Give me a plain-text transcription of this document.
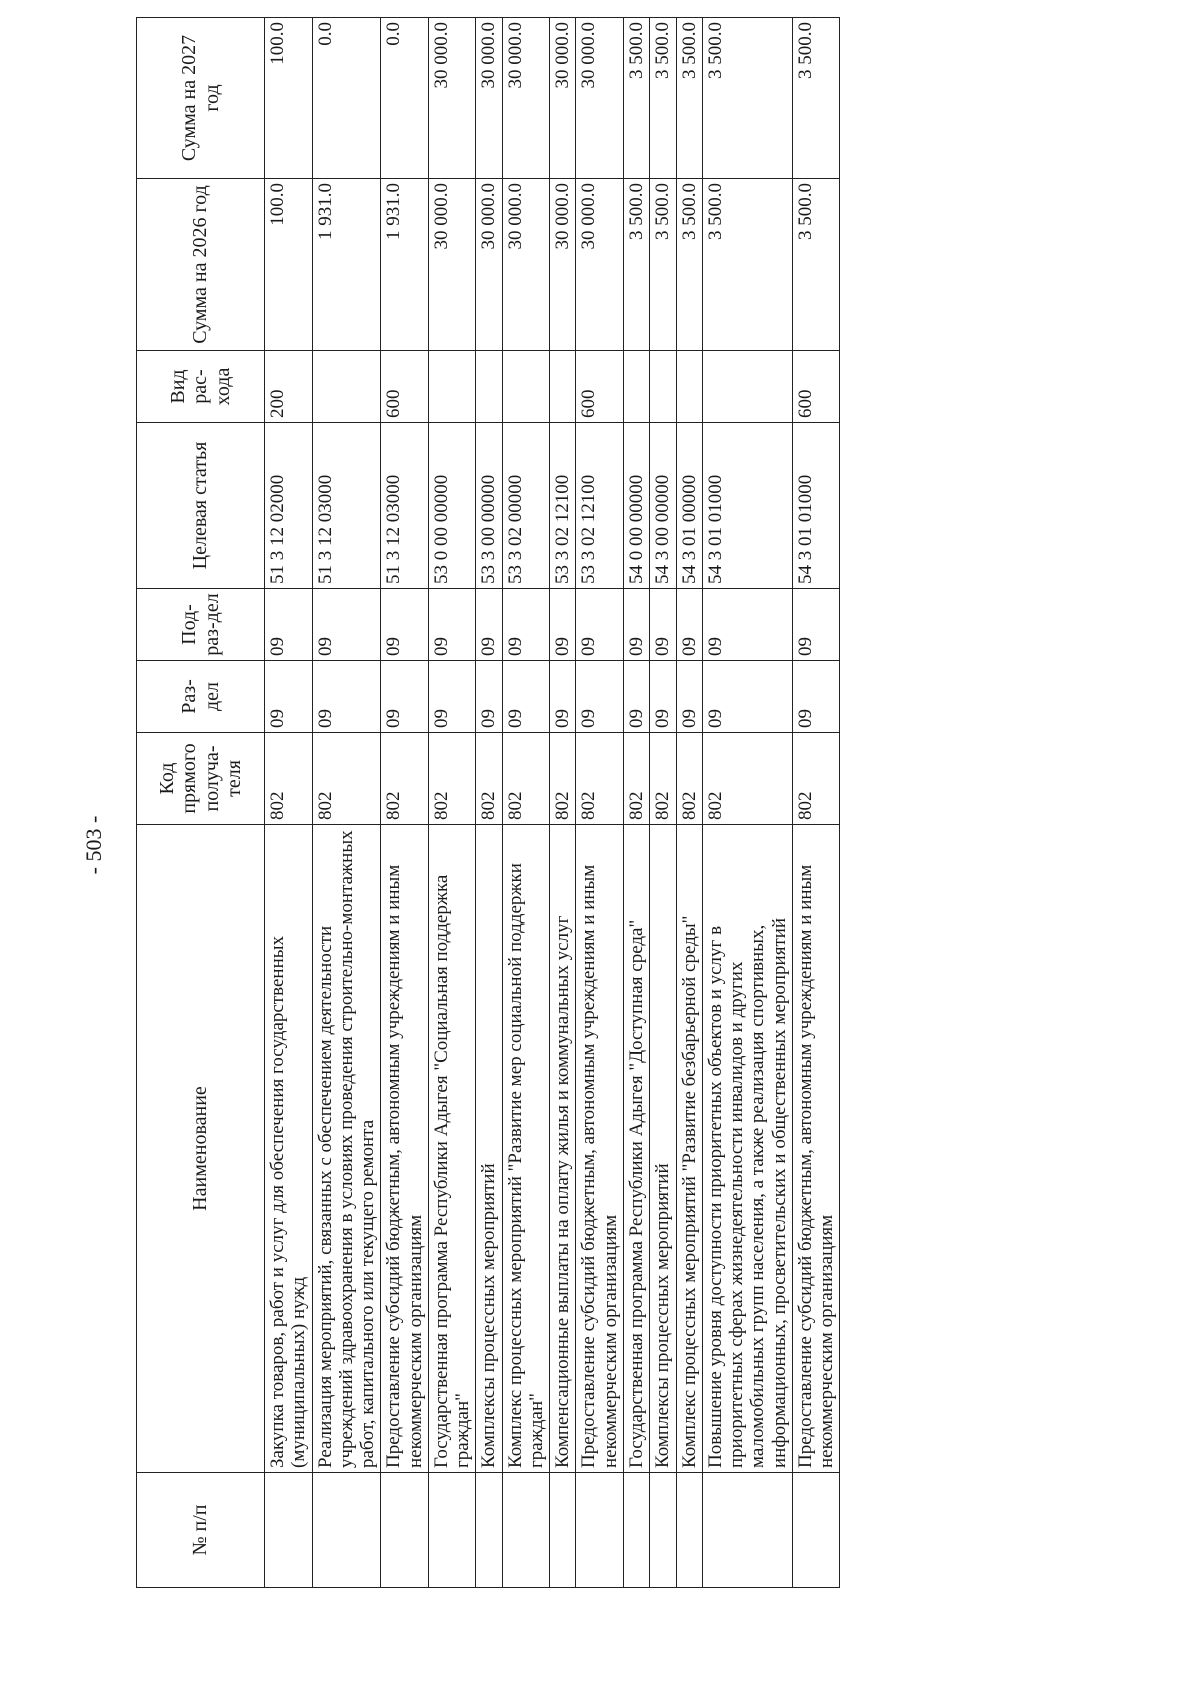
- 503 -
№ п/п	Наименование	Код прямого получа-теля	Раз-дел	Под-раз-дел	Целевая статья	Вид рас-хода	Сумма на 2026 год	Сумма на 2027 год
	Закупка товаров, работ и услуг для обеспечения государственных (муниципальных) нужд	802	09	09	51 3 12 02000	200	100.0	100.0
	Реализация мероприятий, связанных с обеспечением деятельности учреждений здравоохранения в условиях проведения строительно-монтажных работ, капитального или текущего ремонта	802	09	09	51 3 12 03000		1 931.0	0.0
	Предоставление субсидий бюджетным, автономным учреждениям и иным некоммерческим организациям	802	09	09	51 3 12 03000	600	1 931.0	0.0
	Государственная программа Республики Адыгея "Социальная поддержка граждан"	802	09	09	53 0 00 00000		30 000.0	30 000.0
	Комплексы процессных мероприятий	802	09	09	53 3 00 00000		30 000.0	30 000.0
	Комплекс процессных мероприятий "Развитие мер социальной поддержки граждан"	802	09	09	53 3 02 00000		30 000.0	30 000.0
	Компенсационные выплаты на оплату жилья и коммунальных услуг	802	09	09	53 3 02 12100		30 000.0	30 000.0
	Предоставление субсидий бюджетным, автономным учреждениям и иным некоммерческим организациям	802	09	09	53 3 02 12100	600	30 000.0	30 000.0
	Государственная программа Республики Адыгея "Доступная среда"	802	09	09	54 0 00 00000		3 500.0	3 500.0
	Комплексы процессных мероприятий	802	09	09	54 3 00 00000		3 500.0	3 500.0
	Комплекс процессных мероприятий "Развитие безбарьерной среды"	802	09	09	54 3 01 00000		3 500.0	3 500.0
	Повышение уровня доступности приоритетных объектов и услуг в приоритетных сферах жизнедеятельности инвалидов и других маломобильных групп населения, а также реализация спортивных, информационных, просветительских и общественных мероприятий	802	09	09	54 3 01 01000		3 500.0	3 500.0
	Предоставление субсидий бюджетным, автономным учреждениям и иным некоммерческим организациям	802	09	09	54 3 01 01000	600	3 500.0	3 500.0
